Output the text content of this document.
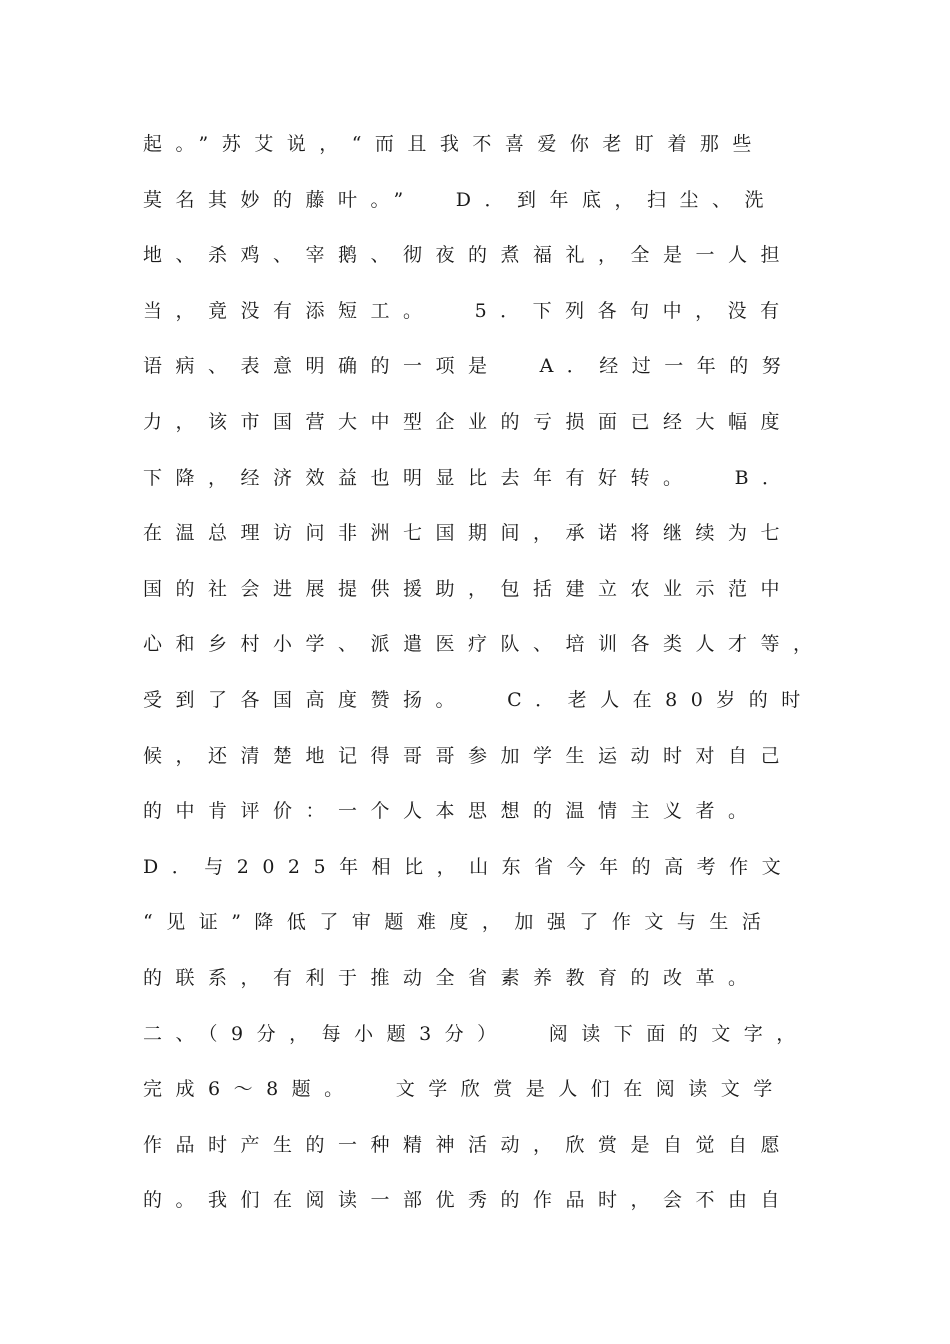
起。”苏艾说，“而且我不喜爱你老盯着那些
莫名其妙的藤叶。”  D．到年底，扫尘、洗
地、杀鸡、宰鹅、彻夜的煮福礼，全是一人担
当，竟没有添短工。  5．下列各句中，没有
语病、表意明确的一项是  A．经过一年的努
力，该市国营大中型企业的亏损面已经大幅度
下降，经济效益也明显比去年有好转。  B．
在温总理访问非洲七国期间，承诺将继续为七
国的社会进展提供援助，包括建立农业示范中
心和乡村小学、派遣医疗队、培训各类人才等，
受到了各国高度赞扬。  C．老人在80岁的时
候，还清楚地记得哥哥参加学生运动时对自己
的中肯评价：一个人本思想的温情主义者。
D．与2025年相比，山东省今年的高考作文
“见证”降低了审题难度，加强了作文与生活
的联系，有利于推动全省素养教育的改革。
二、（9分，每小题3分）  阅读下面的文字，
完成6～8题。  文学欣赏是人们在阅读文学
作品时产生的一种精神活动，欣赏是自觉自愿
的。我们在阅读一部优秀的作品时，会不由自
